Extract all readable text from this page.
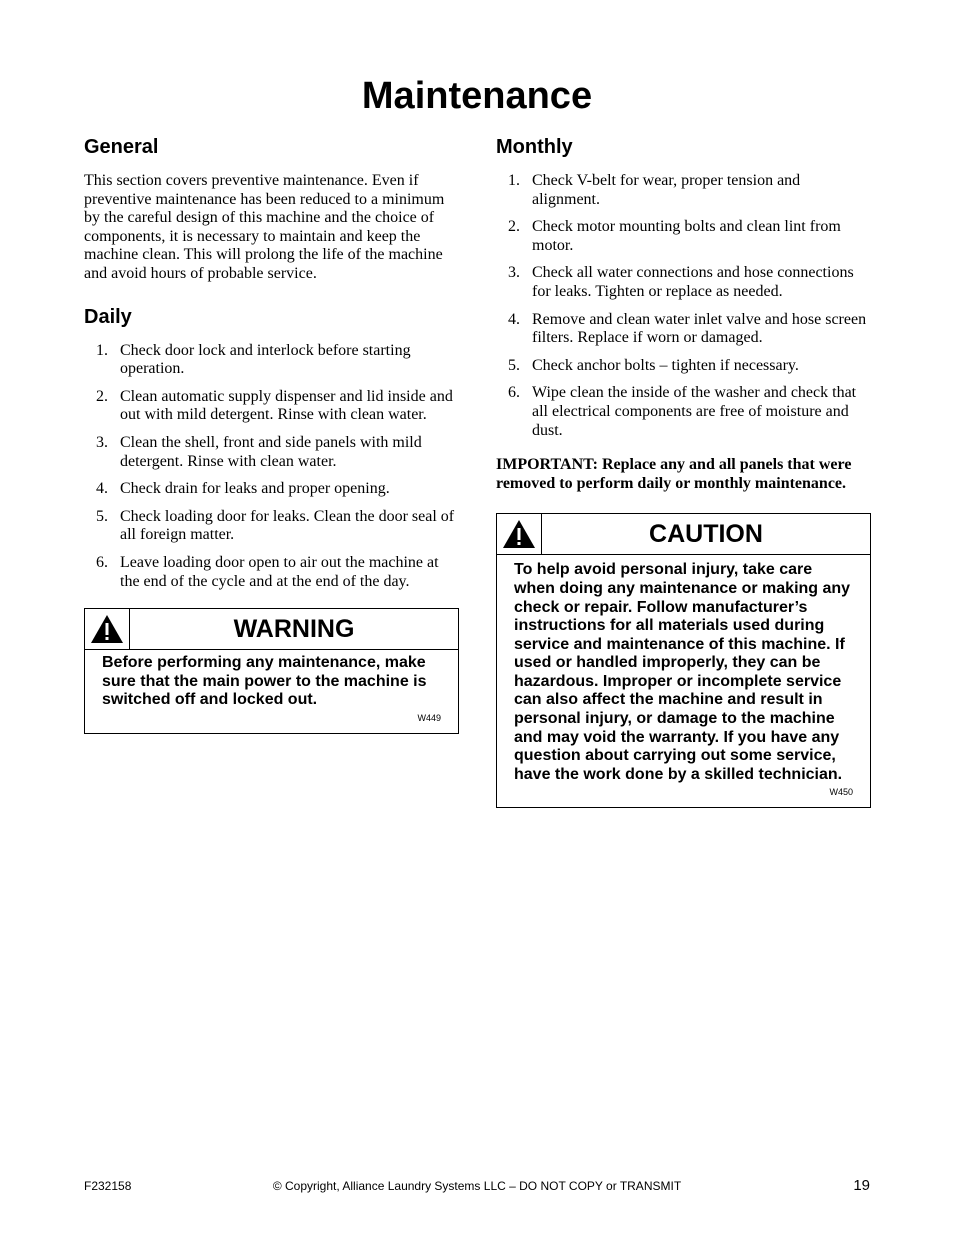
Maintenance
General

This section covers preventive maintenance. Even if preventive maintenance has been reduced to a minimum by the careful design of this machine and the choice of components, it is necessary to maintain and keep the machine clean. This will prolong the life of the machine and avoid hours of probable service.

Daily
1. Check door lock and interlock before starting operation.
2. Clean automatic supply dispenser and lid inside and out with mild detergent. Rinse with clean water.
3. Clean the shell, front and side panels with mild detergent. Rinse with clean water.
4. Check drain for leaks and proper opening.
5. Check loading door for leaks. Clean the door seal of all foreign matter.
6. Leave loading door open to air out the machine at the end of the cycle and at the end of the day.
WARNING
Before performing any maintenance, make sure that the main power to the machine is switched off and locked out.
W449
Monthly
1. Check V-belt for wear, proper tension and alignment.
2. Check motor mounting bolts and clean lint from motor.
3. Check all water connections and hose connections for leaks. Tighten or replace as needed.
4. Remove and clean water inlet valve and hose screen filters. Replace if worn or damaged.
5. Check anchor bolts – tighten if necessary.
6. Wipe clean the inside of the washer and check that all electrical components are free of moisture and dust.

IMPORTANT: Replace any and all panels that were removed to perform daily or monthly maintenance.

CAUTION
To help avoid personal injury, take care when doing any maintenance or making any check or repair. Follow manufacturer’s instructions for all materials used during service and maintenance of this machine. If used or handled improperly, they can be hazardous. Improper or incomplete service can also affect the machine and result in personal injury, or damage to the machine and may void the warranty. If you have any question about carrying out some service, have the work done by a skilled technician.
W450
F232158	© Copyright, Alliance Laundry Systems LLC – DO NOT COPY or TRANSMIT	19
